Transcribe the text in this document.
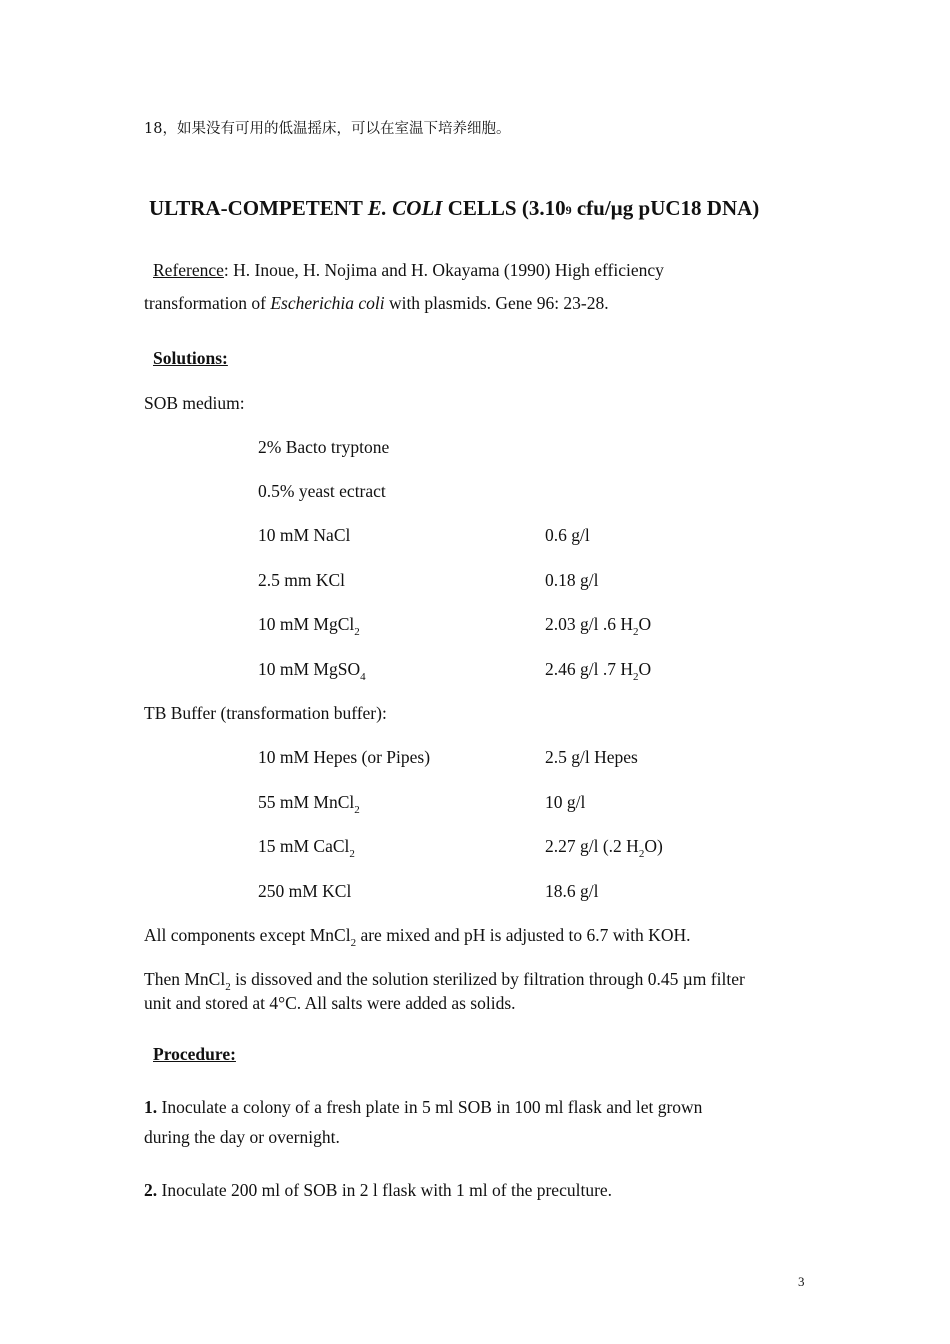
18，如果没有可用的低温摇床，可以在室温下培养细胞。
ULTRA-COMPETENT E. COLI CELLS (3.109 cfu/µg pUC18 DNA)
Reference: H. Inoue, H. Nojima and H. Okayama (1990) High efficiency
transformation of Escherichia coli with plasmids. Gene 96: 23-28.
Solutions:
SOB medium:
2% Bacto tryptone
0.5% yeast ectract
10 mM NaCl	0.6 g/l
2.5 mm KCl	0.18 g/l
10 mM MgCl$_2$	2.03 g/l .6 $H_2O$
10 mM MgSO$_4$	2.46 g/l .7 $H_2O$
TB Buffer (transformation buffer):
10 mM Hepes (or Pipes)	2.5 g/l Hepes
55 mM MnCl$_2$	10 g/l
15 mM CaCl$_2$	2.27 g/l (.2 $H_2O$)
250 mM KCl	18.6 g/l
All components except MnCl$_2$ are mixed and pH is adjusted to 6.7 with KOH.
Then MnCl$_2$ is dissoved and the solution sterilized by filtration through 0.45 µm filter
unit and stored at 4°C. All salts were added as solids.
Procedure:
1. Inoculate a colony of a fresh plate in 5 ml SOB in 100 ml flask and let grown
during the day or overnight.
2. Inoculate 200 ml of SOB in 2 l flask with 1 ml of the preculture.
3
